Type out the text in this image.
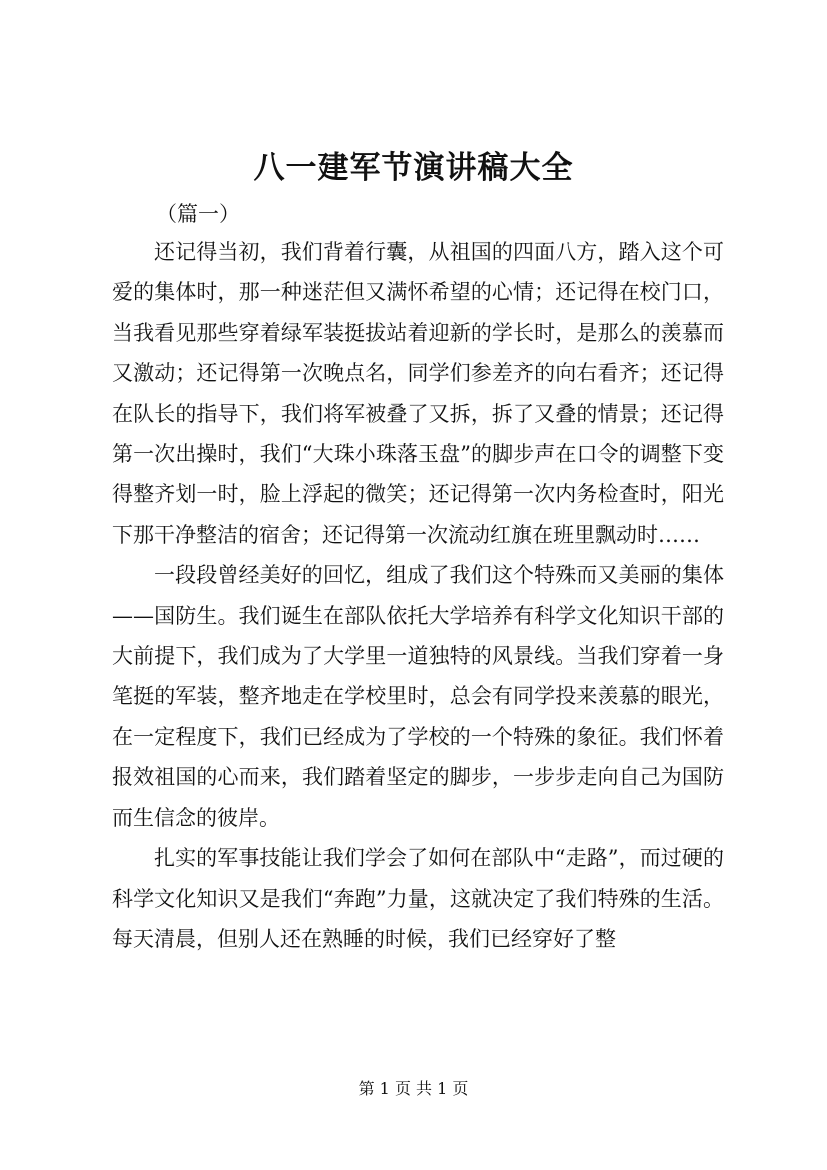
八一建军节演讲稿大全

（篇一）

还记得当初，我们背着行囊，从祖国的四面八方，踏入这个可爱的集体时，那一种迷茫但又满怀希望的心情；还记得在校门口，当我看见那些穿着绿军装挺拔站着迎新的学长时，是那么的羡慕而又激动；还记得第一次晚点名，同学们参差齐的向右看齐；还记得在队长的指导下，我们将军被叠了又拆，拆了又叠的情景；还记得第一次出操时，我们“大珠小珠落玉盘”的脚步声在口令的调整下变得整齐划一时，脸上浮起的微笑；还记得第一次内务检查时，阳光下那干净整洁的宿舍；还记得第一次流动红旗在班里飘动时……

一段段曾经美好的回忆，组成了我们这个特殊而又美丽的集体——国防生。我们诞生在部队依托大学培养有科学文化知识干部的大前提下，我们成为了大学里一道独特的风景线。当我们穿着一身笔挺的军装，整齐地走在学校里时，总会有同学投来羡慕的眼光，在一定程度下，我们已经成为了学校的一个特殊的象征。我们怀着报效祖国的心而来，我们踏着坚定的脚步，一步步走向自己为国防而生信念的彼岸。

扎实的军事技能让我们学会了如何在部队中“走路”，而过硬的科学文化知识又是我们“奔跑”力量，这就决定了我们特殊的生活。每天清晨，但别人还在熟睡的时候，我们已经穿好了整

第 1 页 共 1 页
